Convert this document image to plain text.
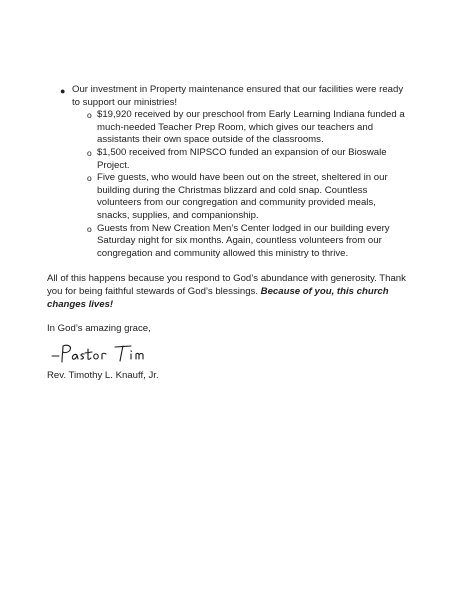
● Our investment in Property maintenance ensured that our facilities were ready to support our ministries!
o $19,920 received by our preschool from Early Learning Indiana funded a much-needed Teacher Prep Room, which gives our teachers and assistants their own space outside of the classrooms.
o $1,500 received from NIPSCO funded an expansion of our Bioswale Project.
o Five guests, who would have been out on the street, sheltered in our building during the Christmas blizzard and cold snap. Countless volunteers from our congregation and community provided meals, snacks, supplies, and companionship.
o Guests from New Creation Men’s Center lodged in our building every Saturday night for six months. Again, countless volunteers from our congregation and community allowed this ministry to thrive.
All of this happens because you respond to God’s abundance with generosity. Thank you for being faithful stewards of God’s blessings. Because of you, this church changes lives!
In God’s amazing grace,
Rev. Timothy L. Knauff, Jr.
